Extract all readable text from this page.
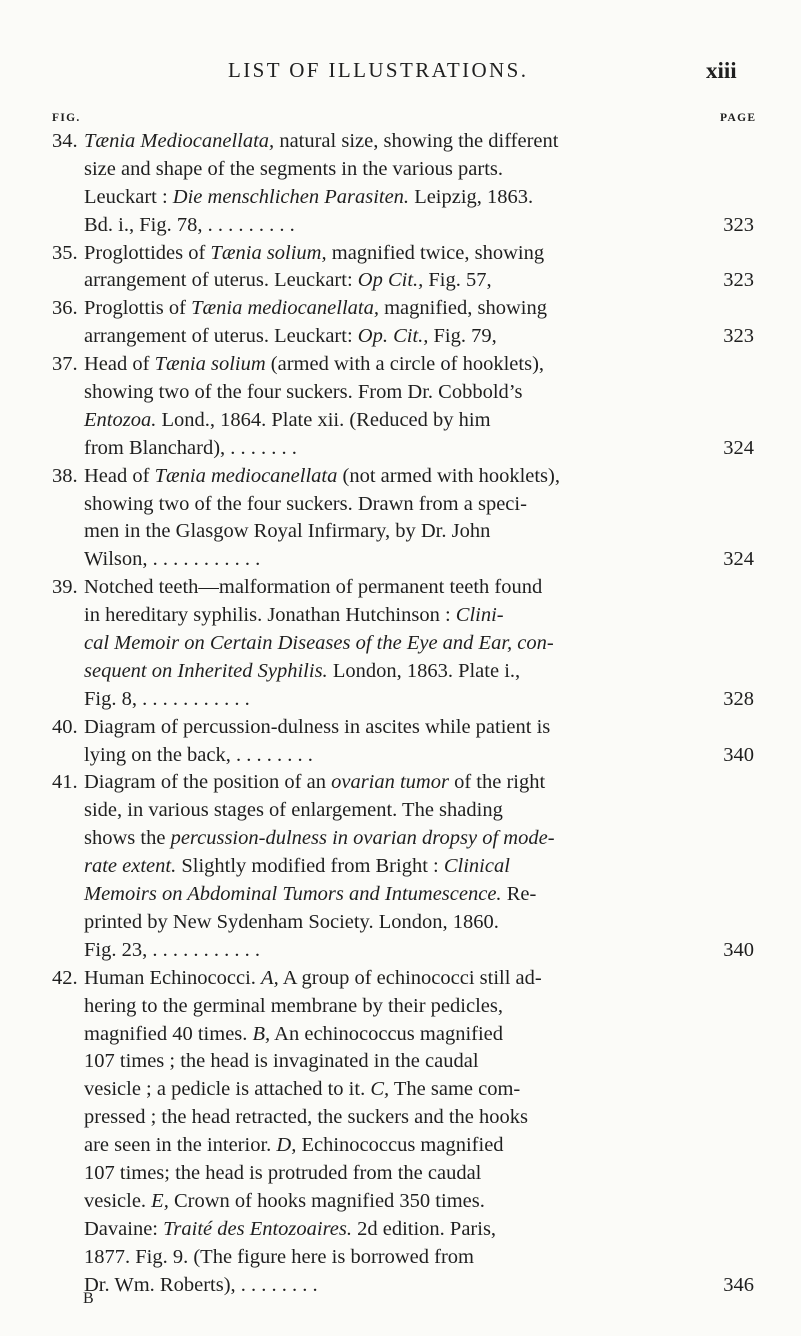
LIST OF ILLUSTRATIONS.	xiii
FIG.	PAGE
34. Tænia Mediocanellata, natural size, showing the different
size and shape of the segments in the various parts.
Leuckart : Die menschlichen Parasiten. Leipzig, 1863.
Bd. i., Fig. 78, . . . . . . . . .	323
35. Proglottides of Tænia solium, magnified twice, showing
arrangement of uterus. Leuckart: Op Cit., Fig. 57,	323
36. Proglottis of Tænia mediocanellata, magnified, showing
arrangement of uterus. Leuckart: Op. Cit., Fig. 79,	323
37. Head of Tænia solium (armed with a circle of hooklets),
showing two of the four suckers. From Dr. Cobbold’s
Entozoa. Lond., 1864. Plate xii. (Reduced by him
from Blanchard), . . . . . . .	324
38. Head of Tænia mediocanellata (not armed with hooklets),
showing two of the four suckers. Drawn from a speci-
men in the Glasgow Royal Infirmary, by Dr. John
Wilson, . . . . . . . . . . .	324
39. Notched teeth—malformation of permanent teeth found
in hereditary syphilis. Jonathan Hutchinson : Clini-
cal Memoir on Certain Diseases of the Eye and Ear, con-
sequent on Inherited Syphilis. London, 1863. Plate i.,
Fig. 8, . . . . . . . . . . .	328
40. Diagram of percussion-dulness in ascites while patient is
lying on the back, . . . . . . . .	340
41. Diagram of the position of an ovarian tumor of the right
side, in various stages of enlargement. The shading
shows the percussion-dulness in ovarian dropsy of mode-
rate extent. Slightly modified from Bright : Clinical
Memoirs on Abdominal Tumors and Intumescence. Re-
printed by New Sydenham Society. London, 1860.
Fig. 23, . . . . . . . . . . .	340
42. Human Echinococci. A, A group of echinococci still ad-
hering to the germinal membrane by their pedicles,
magnified 40 times. B, An echinococcus magnified
107 times ; the head is invaginated in the caudal
vesicle ; a pedicle is attached to it. C, The same com-
pressed ; the head retracted, the suckers and the hooks
are seen in the interior. D, Echinococcus magnified
107 times; the head is protruded from the caudal
vesicle. E, Crown of hooks magnified 350 times.
Davaine: Traité des Entozoaires. 2d edition. Paris,
1877. Fig. 9. (The figure here is borrowed from
Dr. Wm. Roberts), . . . . . . . .	346
B
